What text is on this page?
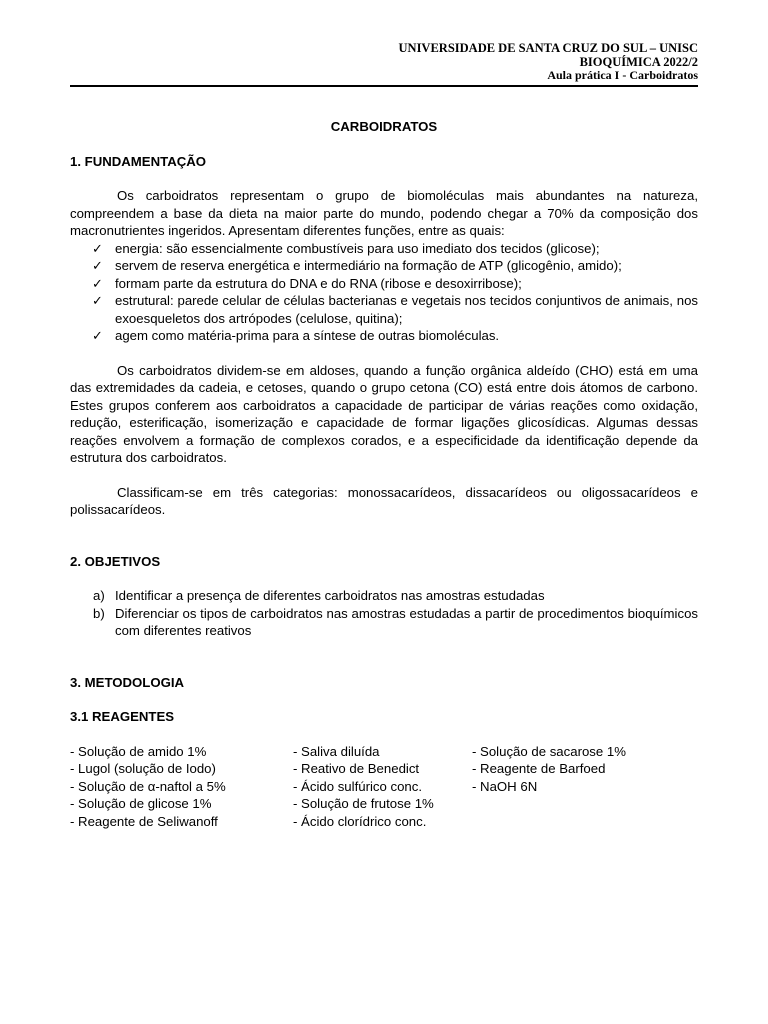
UNIVERSIDADE DE SANTA CRUZ DO SUL – UNISC
BIOQUÍMICA 2022/2
Aula prática I - Carboidratos
CARBOIDRATOS
1. FUNDAMENTAÇÃO

Os carboidratos representam o grupo de biomoléculas mais abundantes na natureza, compreendem a base da dieta na maior parte do mundo, podendo chegar a 70% da composição dos macronutrientes ingeridos. Apresentam diferentes funções, entre as quais:

✓ energia: são essencialmente combustíveis para uso imediato dos tecidos (glicose);
✓ servem de reserva energética e intermediário na formação de ATP (glicogênio, amido);
✓ formam parte da estrutura do DNA e do RNA (ribose e desoxirribose);
✓ estrutural: parede celular de células bacterianas e vegetais nos tecidos conjuntivos de animais, nos exoesqueletos dos artrópodes (celulose, quitina);
✓ agem como matéria-prima para a síntese de outras biomoléculas.

Os carboidratos dividem-se em aldoses, quando a função orgânica aldeído (CHO) está em uma das extremidades da cadeia, e cetoses, quando o grupo cetona (CO) está entre dois átomos de carbono. Estes grupos conferem aos carboidratos a capacidade de participar de várias reações como oxidação, redução, esterificação, isomerização e capacidade de formar ligações glicosídicas. Algumas dessas reações envolvem a formação de complexos corados, e a especificidade da identificação depende da estrutura dos carboidratos.

Classificam-se em três categorias: monossacarídeos, dissacarídeos ou oligossacarídeos e polissacarídeos.

2. OBJETIVOS
a) Identificar a presença de diferentes carboidratos nas amostras estudadas
b) Diferenciar os tipos de carboidratos nas amostras estudadas a partir de procedimentos bioquímicos com diferentes reativos
3. METODOLOGIA
3.1 REAGENTES
- Solução de amido 1%
- Lugol (solução de Iodo)
- Solução de α-naftol a 5%
- Solução de glicose 1%
- Reagente de Seliwanoff
- Saliva diluída
- Reativo de Benedict
- Ácido sulfúrico conc.
- Solução de frutose 1%
- Ácido clorídrico conc.
- Solução de sacarose 1%
- Reagente de Barfoed
- NaOH 6N
